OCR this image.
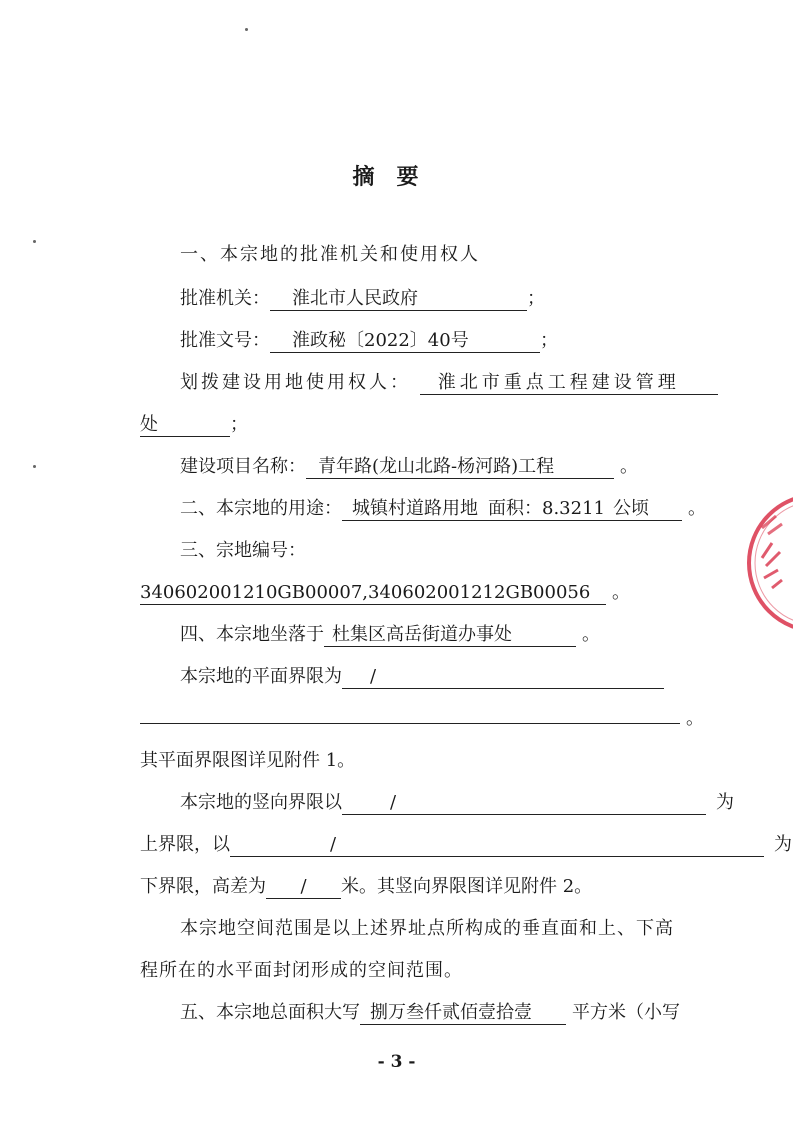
摘要
一、本宗地的批准机关和使用权人
批准机关： 淮北市人民政府	；
批准文号： 淮政秘〔2022〕40号	；
划拨建设用地使用权人： 淮北市重点工程建设管理
处	；
建设项目名称： 青年路(龙山北路-杨河路)工程	。
二、本宗地的用途： 城镇村道路用地 面积：8.3211 公顷 。
三、宗地编号：
340602001210GB00007,340602001212GB00056 。
四、本宗地坐落于 杜集区高岳街道办事处	。
本宗地的平面界限为 /
。
其平面界限图详见附件 1。
本宗地的竖向界限以	/	为
上界限，以	/	为
下界限，高差为 / 米。其竖向界限图详见附件 2。
本宗地空间范围是以上述界址点所构成的垂直面和上、下高
程所在的水平面封闭形成的空间范围。
五、本宗地总面积大写 捌万叁仟贰佰壹拾壹 平方米（小写
- 3 -
